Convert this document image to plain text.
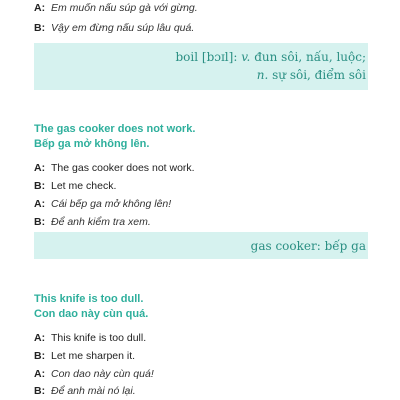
A: Em muốn nấu súp gà với gừng.
B: Vậy em đừng nấu súp lâu quá.
boil [bɔɪl]: v. đun sôi, nấu, luộc;
n. sự sôi, điểm sôi
The gas cooker does not work.
Bếp ga mở không lên.
A: The gas cooker does not work.
B: Let me check.
A: Cái bếp ga mở không lên!
B: Để anh kiểm tra xem.
gas cooker: bếp ga
This knife is too dull.
Con dao này cùn quá.
A: This knife is too dull.
B: Let me sharpen it.
A: Con dao này cùn quá!
B: Để anh mài nó lại.
